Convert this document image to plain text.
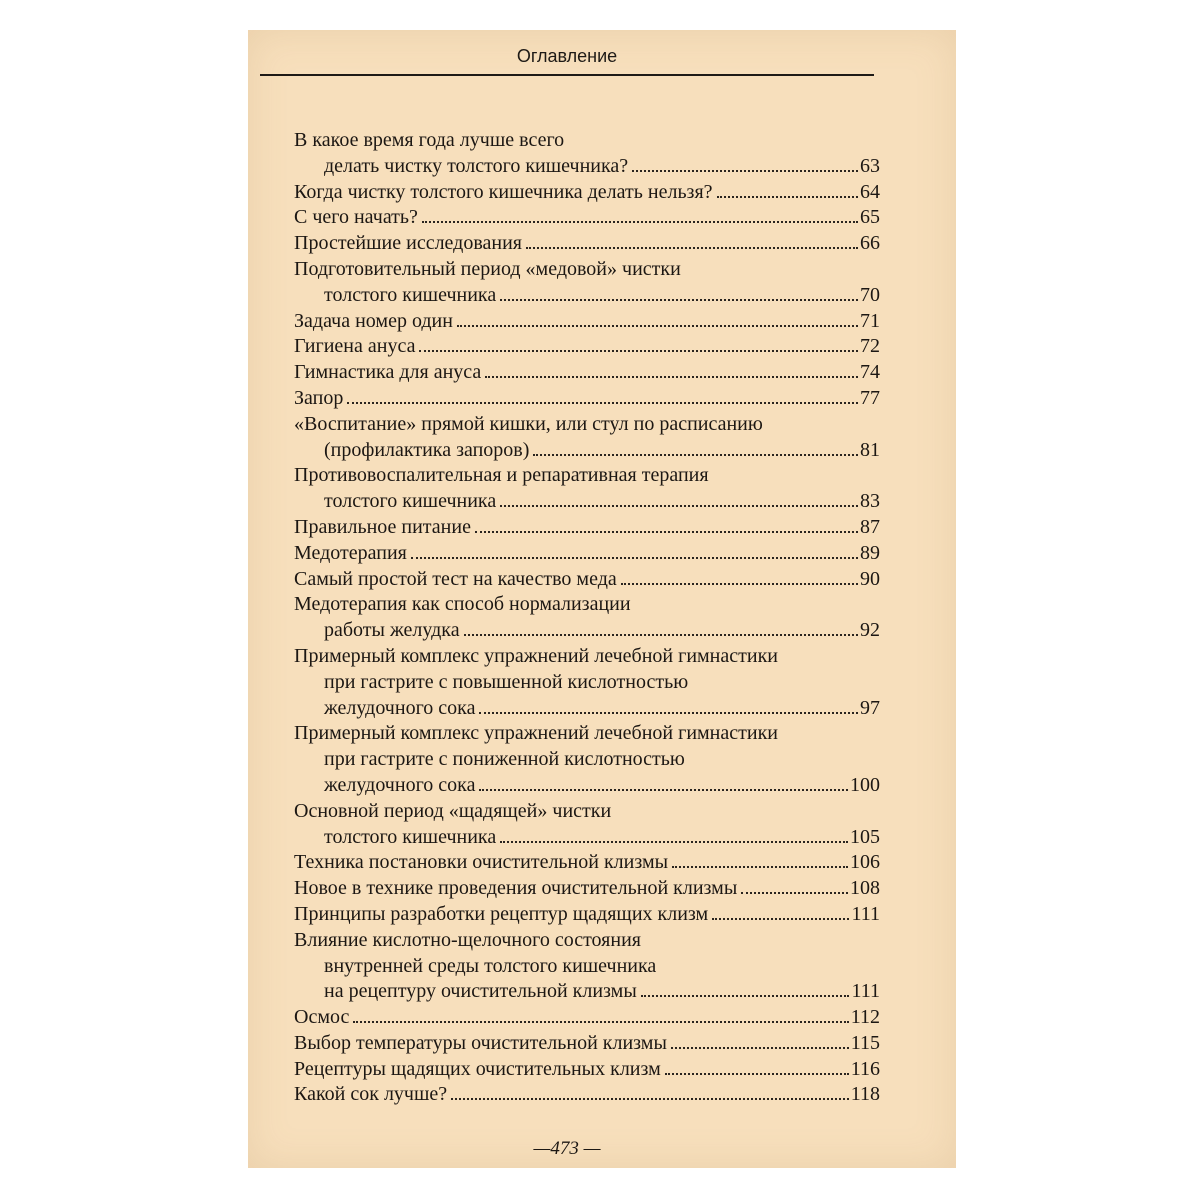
Оглавление
В какое время года лучше всего
делать чистку толстого кишечника?	63
Когда чистку толстого кишечника делать нельзя?	64
С чего начать?	65
Простейшие исследования	66
Подготовительный период «медовой» чистки
толстого кишечника	70
Задача номер один	71
Гигиена ануса	72
Гимнастика для ануса	74
Запор	77
«Воспитание» прямой кишки, или стул по расписанию
(профилактика запоров)	81
Противовоспалительная и репаративная терапия
толстого кишечника	83
Правильное питание	87
Медотерапия	89
Самый простой тест на качество меда	90
Медотерапия как способ нормализации
работы желудка	92
Примерный комплекс упражнений лечебной гимнастики
при гастрите с повышенной кислотностью
желудочного сока	97
Примерный комплекс упражнений лечебной гимнастики
при гастрите с пониженной кислотностью
желудочного сока	100
Основной период «щадящей» чистки
толстого кишечника	105
Техника постановки очистительной клизмы	106
Новое в технике проведения очистительной клизмы	108
Принципы разработки рецептур щадящих клизм	111
Влияние кислотно-щелочного состояния
внутренней среды толстого кишечника
на рецептуру очистительной клизмы	111
Осмос	112
Выбор температуры очистительной клизмы	115
Рецептуры щадящих очистительных клизм	116
Какой сок лучше?	118
—473 —
